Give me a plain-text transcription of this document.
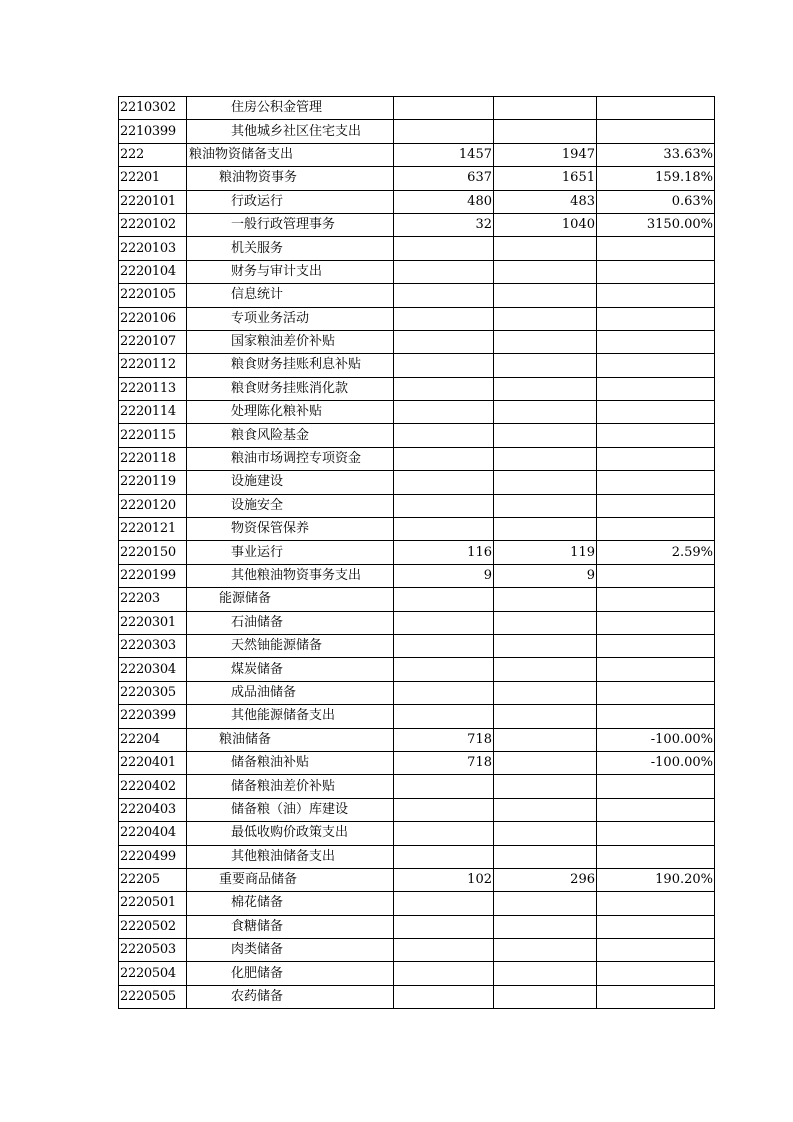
2210302	住房公积金管理			
2210399	其他城乡社区住宅支出			
222	粮油物资储备支出	1457	1947	33.63%
22201	粮油物资事务	637	1651	159.18%
2220101	行政运行	480	483	0.63%
2220102	一般行政管理事务	32	1040	3150.00%
2220103	机关服务			
2220104	财务与审计支出			
2220105	信息统计			
2220106	专项业务活动			
2220107	国家粮油差价补贴			
2220112	粮食财务挂账利息补贴			
2220113	粮食财务挂账消化款			
2220114	处理陈化粮补贴			
2220115	粮食风险基金			
2220118	粮油市场调控专项资金			
2220119	设施建设			
2220120	设施安全			
2220121	物资保管保养			
2220150	事业运行	116	119	2.59%
2220199	其他粮油物资事务支出	9	9	
22203	能源储备			
2220301	石油储备			
2220303	天然铀能源储备			
2220304	煤炭储备			
2220305	成品油储备			
2220399	其他能源储备支出			
22204	粮油储备	718		-100.00%
2220401	储备粮油补贴	718		-100.00%
2220402	储备粮油差价补贴			
2220403	储备粮（油）库建设			
2220404	最低收购价政策支出			
2220499	其他粮油储备支出			
22205	重要商品储备	102	296	190.20%
2220501	棉花储备			
2220502	食糖储备			
2220503	肉类储备			
2220504	化肥储备			
2220505	农药储备			
